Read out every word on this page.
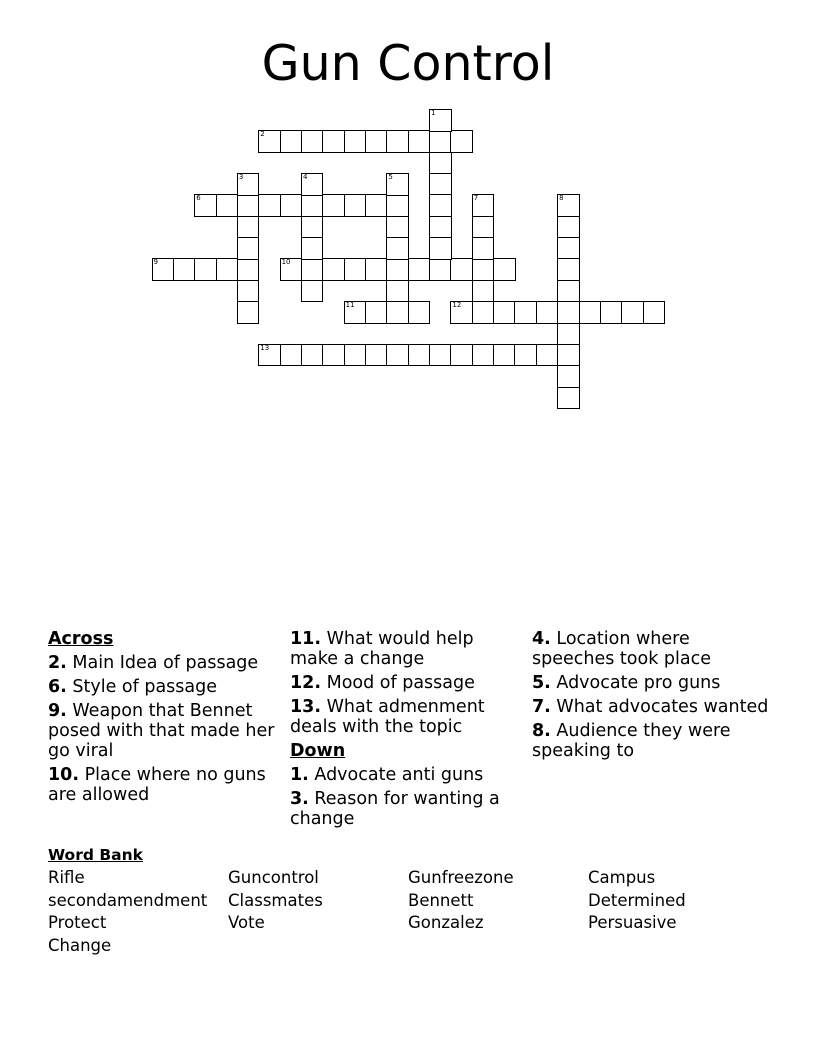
Gun Control
2
6
9	10
11	12
13
1
3	4	5
7	8
Across
2. Main Idea of passage
6. Style of passage
9. Weapon that Bennet posed with that made her go viral
10. Place where no guns are allowed
11. What would help make a change
12. Mood of passage
13. What admenment deals with the topic
Down
1. Advocate anti guns
3. Reason for wanting a change
4. Location where speeches took place
5. Advocate pro guns
7. What advocates wanted
8. Audience they were speaking to
Word Bank
Rifle	Guncontrol	Gunfreezone	Campus
secondamendment Classmates	Bennett	Determined
Protect	Vote	Gonzalez	Persuasive
Change
